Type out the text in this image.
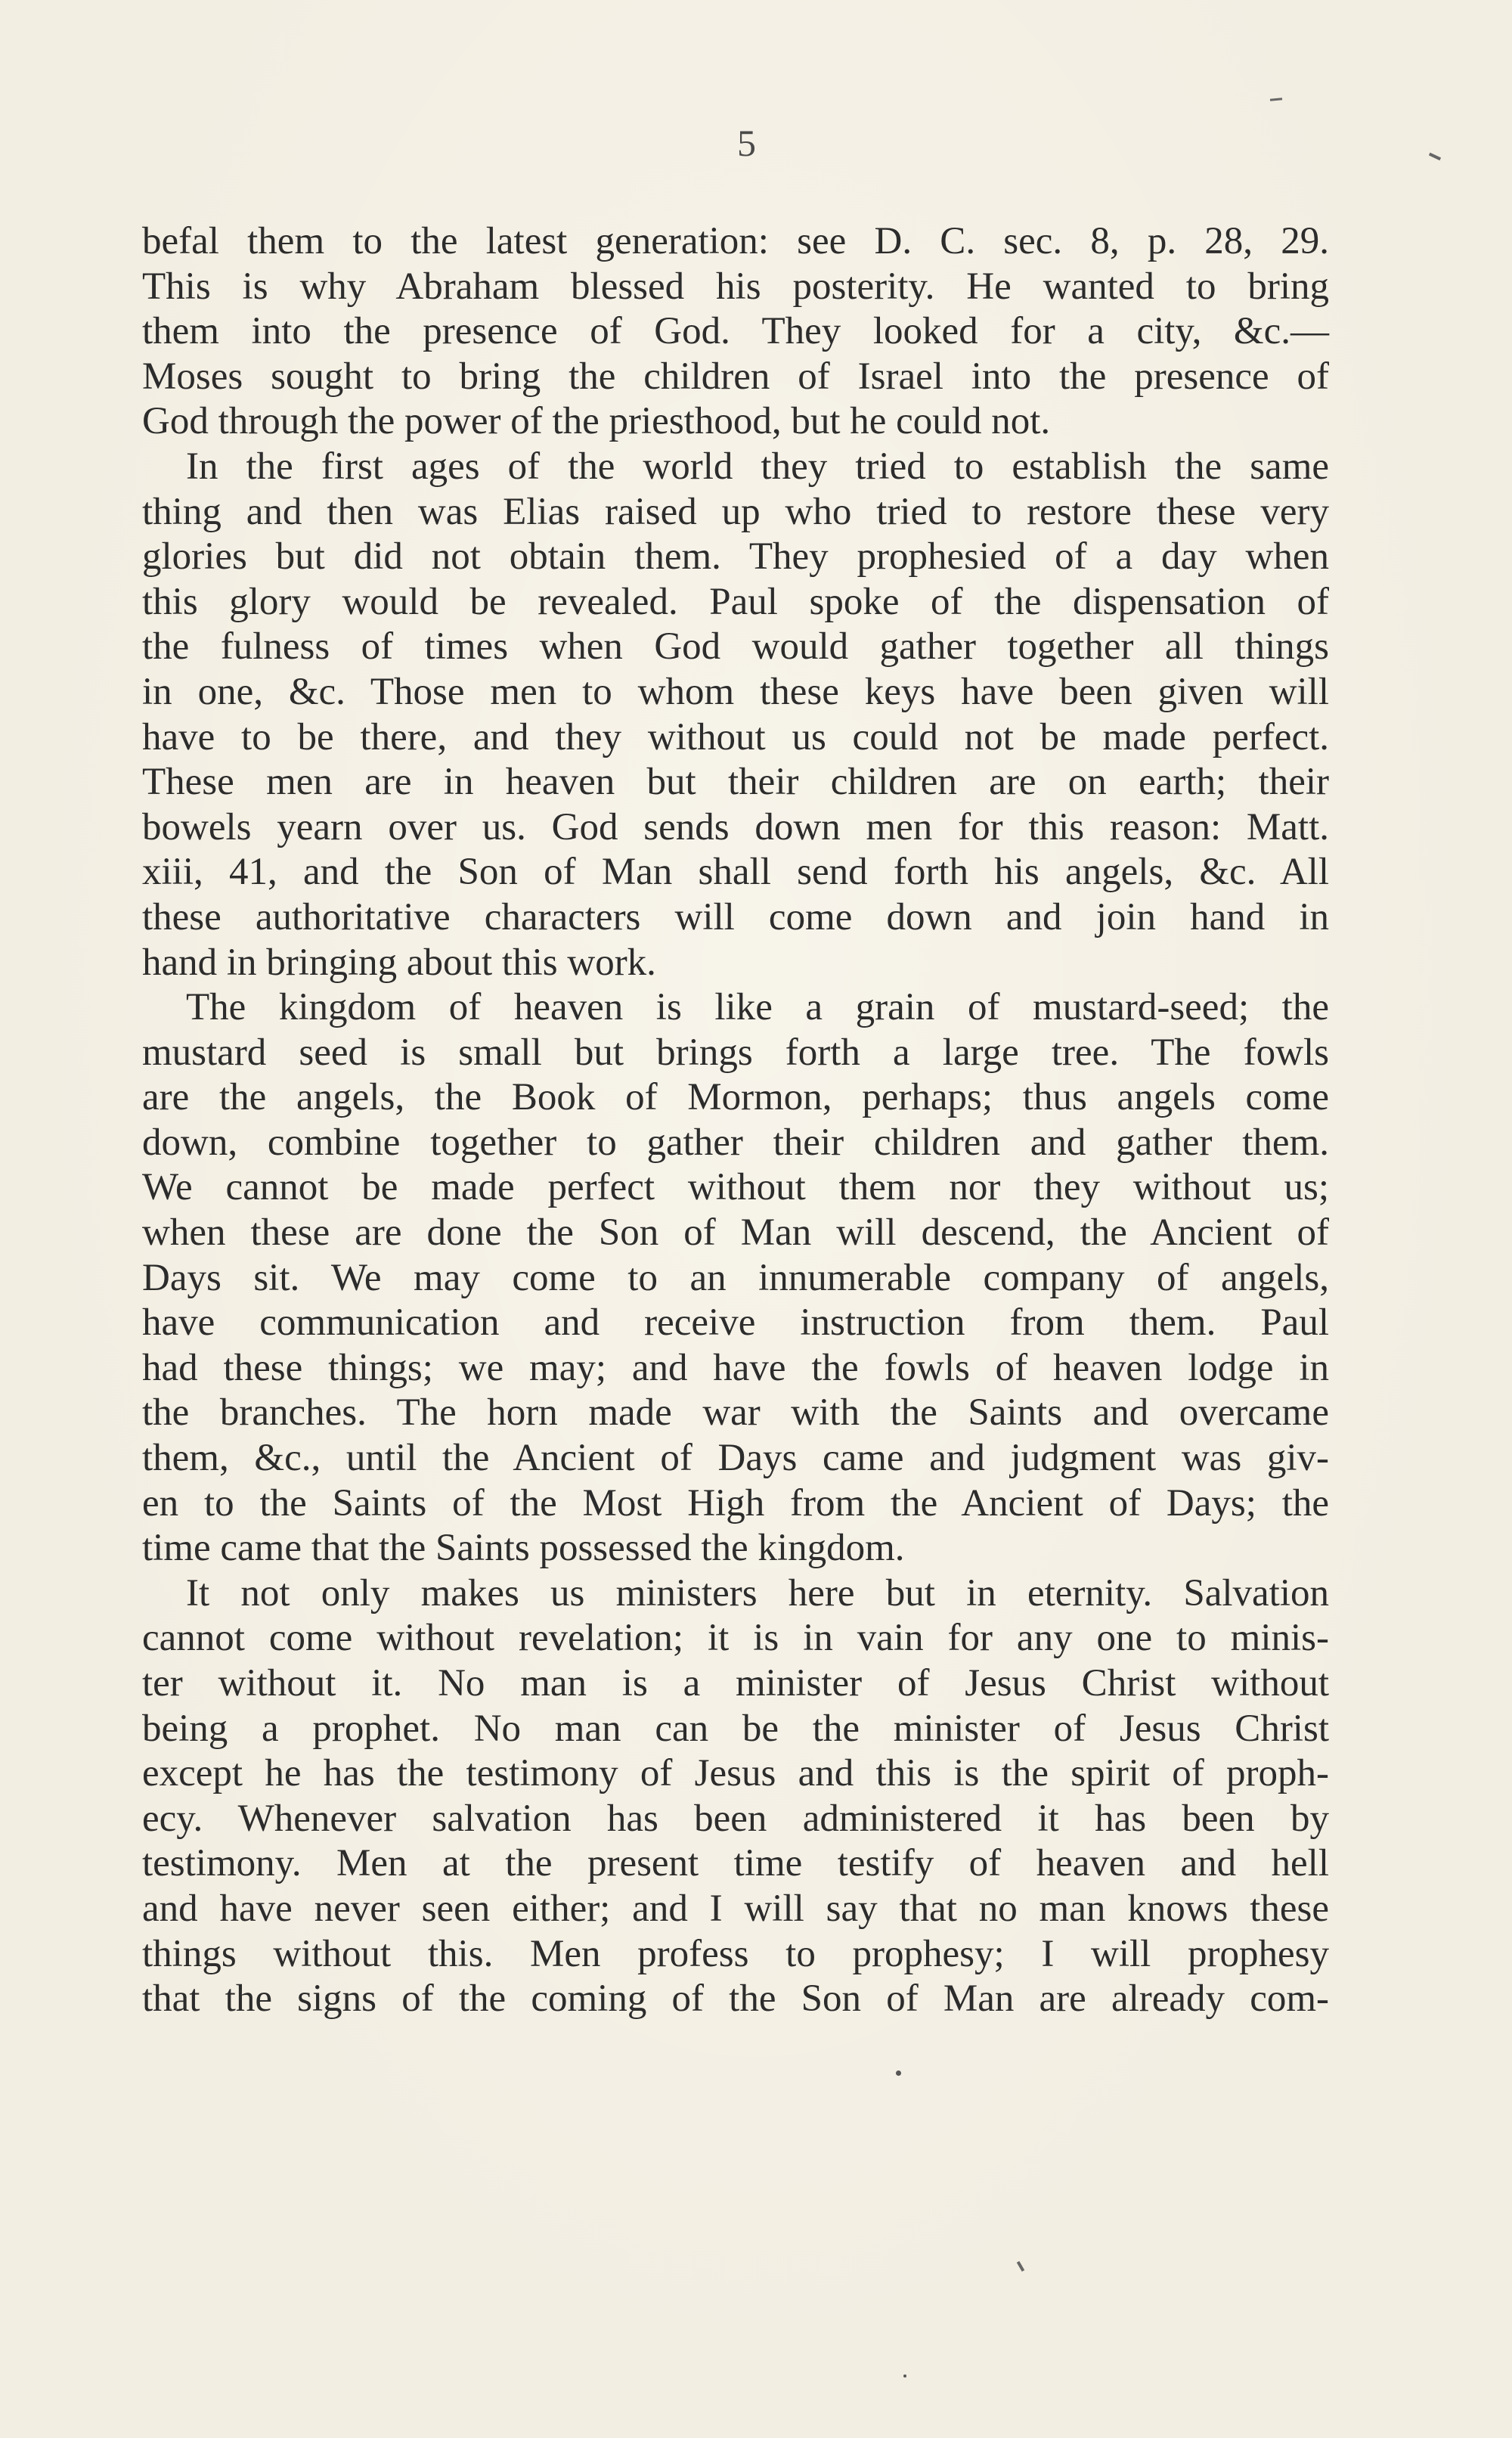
5
befal them to the latest generation: see D. C. sec. 8, p. 28, 29.
This is why Abraham blessed his posterity. He wanted to bring
them into the presence of God. They looked for a city, &c.—
Moses sought to bring the children of Israel into the presence of
God through the power of the priesthood, but he could not.
In the first ages of the world they tried to establish the same
thing and then was Elias raised up who tried to restore these very
glories but did not obtain them. They prophesied of a day when
this glory would be revealed. Paul spoke of the dispensation of
the fulness of times when God would gather together all things
in one, &c. Those men to whom these keys have been given will
have to be there, and they without us could not be made perfect.
These men are in heaven but their children are on earth; their
bowels yearn over us. God sends down men for this reason: Matt.
xiii, 41, and the Son of Man shall send forth his angels, &c. All
these authoritative characters will come down and join hand in
hand in bringing about this work.
The kingdom of heaven is like a grain of mustard-seed; the
mustard seed is small but brings forth a large tree. The fowls
are the angels, the Book of Mormon, perhaps; thus angels come
down, combine together to gather their children and gather them.
We cannot be made perfect without them nor they without us;
when these are done the Son of Man will descend, the Ancient of
Days sit. We may come to an innumerable company of angels,
have communication and receive instruction from them. Paul
had these things; we may; and have the fowls of heaven lodge in
the branches. The horn made war with the Saints and overcame
them, &c., until the Ancient of Days came and judgment was giv-
en to the Saints of the Most High from the Ancient of Days; the
time came that the Saints possessed the kingdom.
It not only makes us ministers here but in eternity. Salvation
cannot come without revelation; it is in vain for any one to minis-
ter without it. No man is a minister of Jesus Christ without
being a prophet. No man can be the minister of Jesus Christ
except he has the testimony of Jesus and this is the spirit of proph-
ecy. Whenever salvation has been administered it has been by
testimony. Men at the present time testify of heaven and hell
and have never seen either; and I will say that no man knows these
things without this. Men profess to prophesy; I will prophesy
that the signs of the coming of the Son of Man are already com-
